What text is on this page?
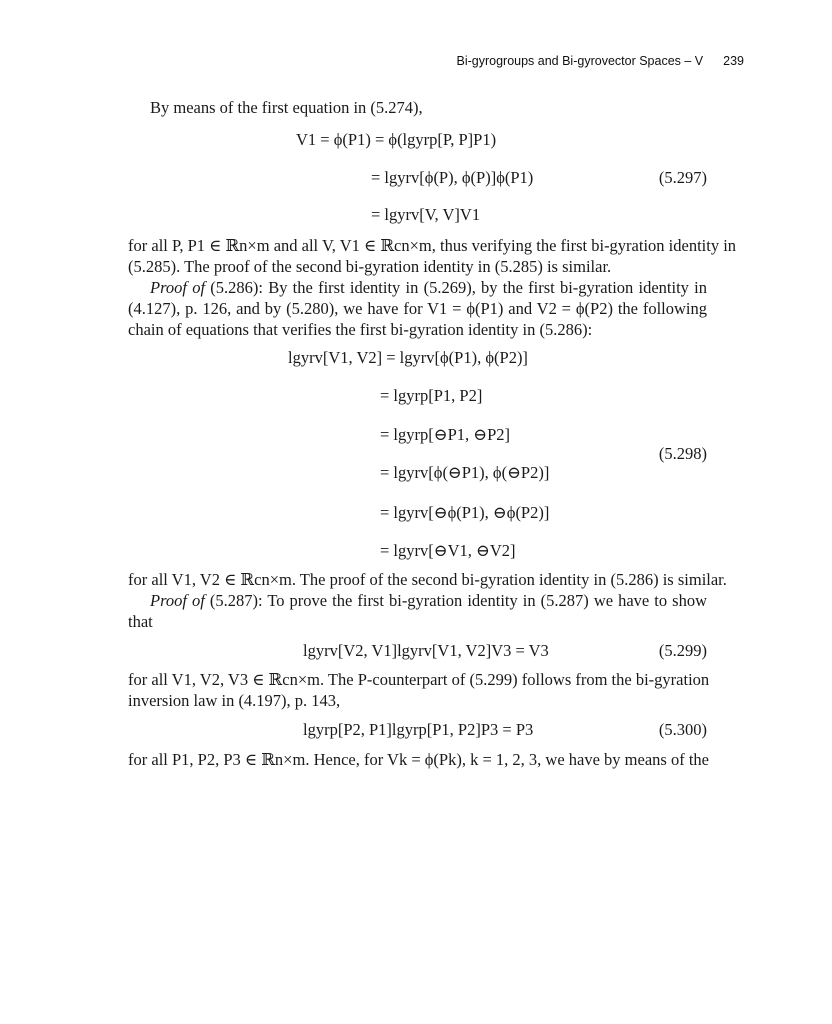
Bi-gyrogroups and Bi-gyrovector Spaces – V 239
By means of the first equation in (5.274),
V1 = ϕ(P1) = ϕ(lgyrp[P, P]P1)
= lgyrv[ϕ(P), ϕ(P)]ϕ(P1)	(5.297)
= lgyrv[V, V]V1
for all P, P1 ∈ ℝn×m and all V, V1 ∈ ℝcn×m, thus verifying the first bi-gyration identity in
(5.285). The proof of the second bi-gyration identity in (5.285) is similar.
Proof of (5.286): By the first identity in (5.269), by the first bi-gyration identity in
(4.127), p. 126, and by (5.280), we have for V1 = ϕ(P1) and V2 = ϕ(P2) the following
chain of equations that verifies the first bi-gyration identity in (5.286):
lgyrv[V1, V2] = lgyrv[ϕ(P1), ϕ(P2)]
= lgyrp[P1, P2]
= lgyrp[⊖P1, ⊖P2]
(5.298)
= lgyrv[ϕ(⊖P1), ϕ(⊖P2)]
= lgyrv[⊖ϕ(P1), ⊖ϕ(P2)]
= lgyrv[⊖V1, ⊖V2]
for all V1, V2 ∈ ℝcn×m. The proof of the second bi-gyration identity in (5.286) is similar.
Proof of (5.287): To prove the first bi-gyration identity in (5.287) we have to show
that
lgyrv[V2, V1]lgyrv[V1, V2]V3 = V3	(5.299)
for all V1, V2, V3 ∈ ℝcn×m. The P-counterpart of (5.299) follows from the bi-gyration
inversion law in (4.197), p. 143,
lgyrp[P2, P1]lgyrp[P1, P2]P3 = P3	(5.300)
for all P1, P2, P3 ∈ ℝn×m. Hence, for Vk = ϕ(Pk), k = 1, 2, 3, we have by means of the
